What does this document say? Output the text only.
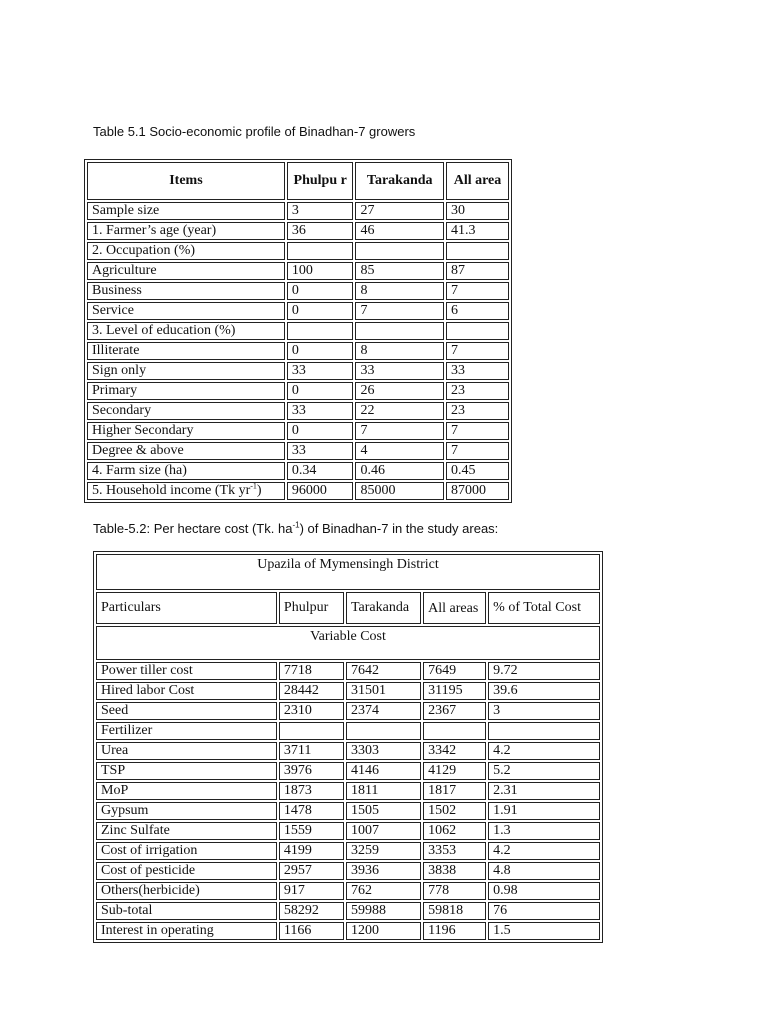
Table 5.1 Socio-economic profile of Binadhan-7 growers
Items	Phulpu r	Tarakanda	All area
Sample size	3	27	30
1. Farmer’s age (year)	36	46	41.3
2. Occupation (%)			
Agriculture	100	85	87
Business	0	8	7
Service	0	7	6
3. Level of education (%)			
Illiterate	0	8	7
Sign only	33	33	33
Primary	0	26	23
Secondary	33	22	23
Higher Secondary	0	7	7
Degree & above	33	4	7
4. Farm size (ha)	0.34	0.46	0.45
5. Household income (Tk $yr^{-1}$)	96000	85000	87000
Table-5.2: Per hectare cost (Tk. $ha^{-1}$) of Binadhan-7 in the study areas:
Upazila of Mymensingh District				
Particulars	Phulpur	Tarakanda	All areas	% of Total Cost
Variable Cost				
Power tiller cost	7718	7642	7649	9.72
Hired labor Cost	28442	31501	31195	39.6
Seed	2310	2374	2367	3
Fertilizer				
Urea	3711	3303	3342	4.2
TSP	3976	4146	4129	5.2
MoP	1873	1811	1817	2.31
Gypsum	1478	1505	1502	1.91
Zinc Sulfate	1559	1007	1062	1.3
Cost of irrigation	4199	3259	3353	4.2
Cost of pesticide	2957	3936	3838	4.8
Others(herbicide)	917	762	778	0.98
Sub-total	58292	59988	59818	76
Interest in operating	1166	1200	1196	1.5
